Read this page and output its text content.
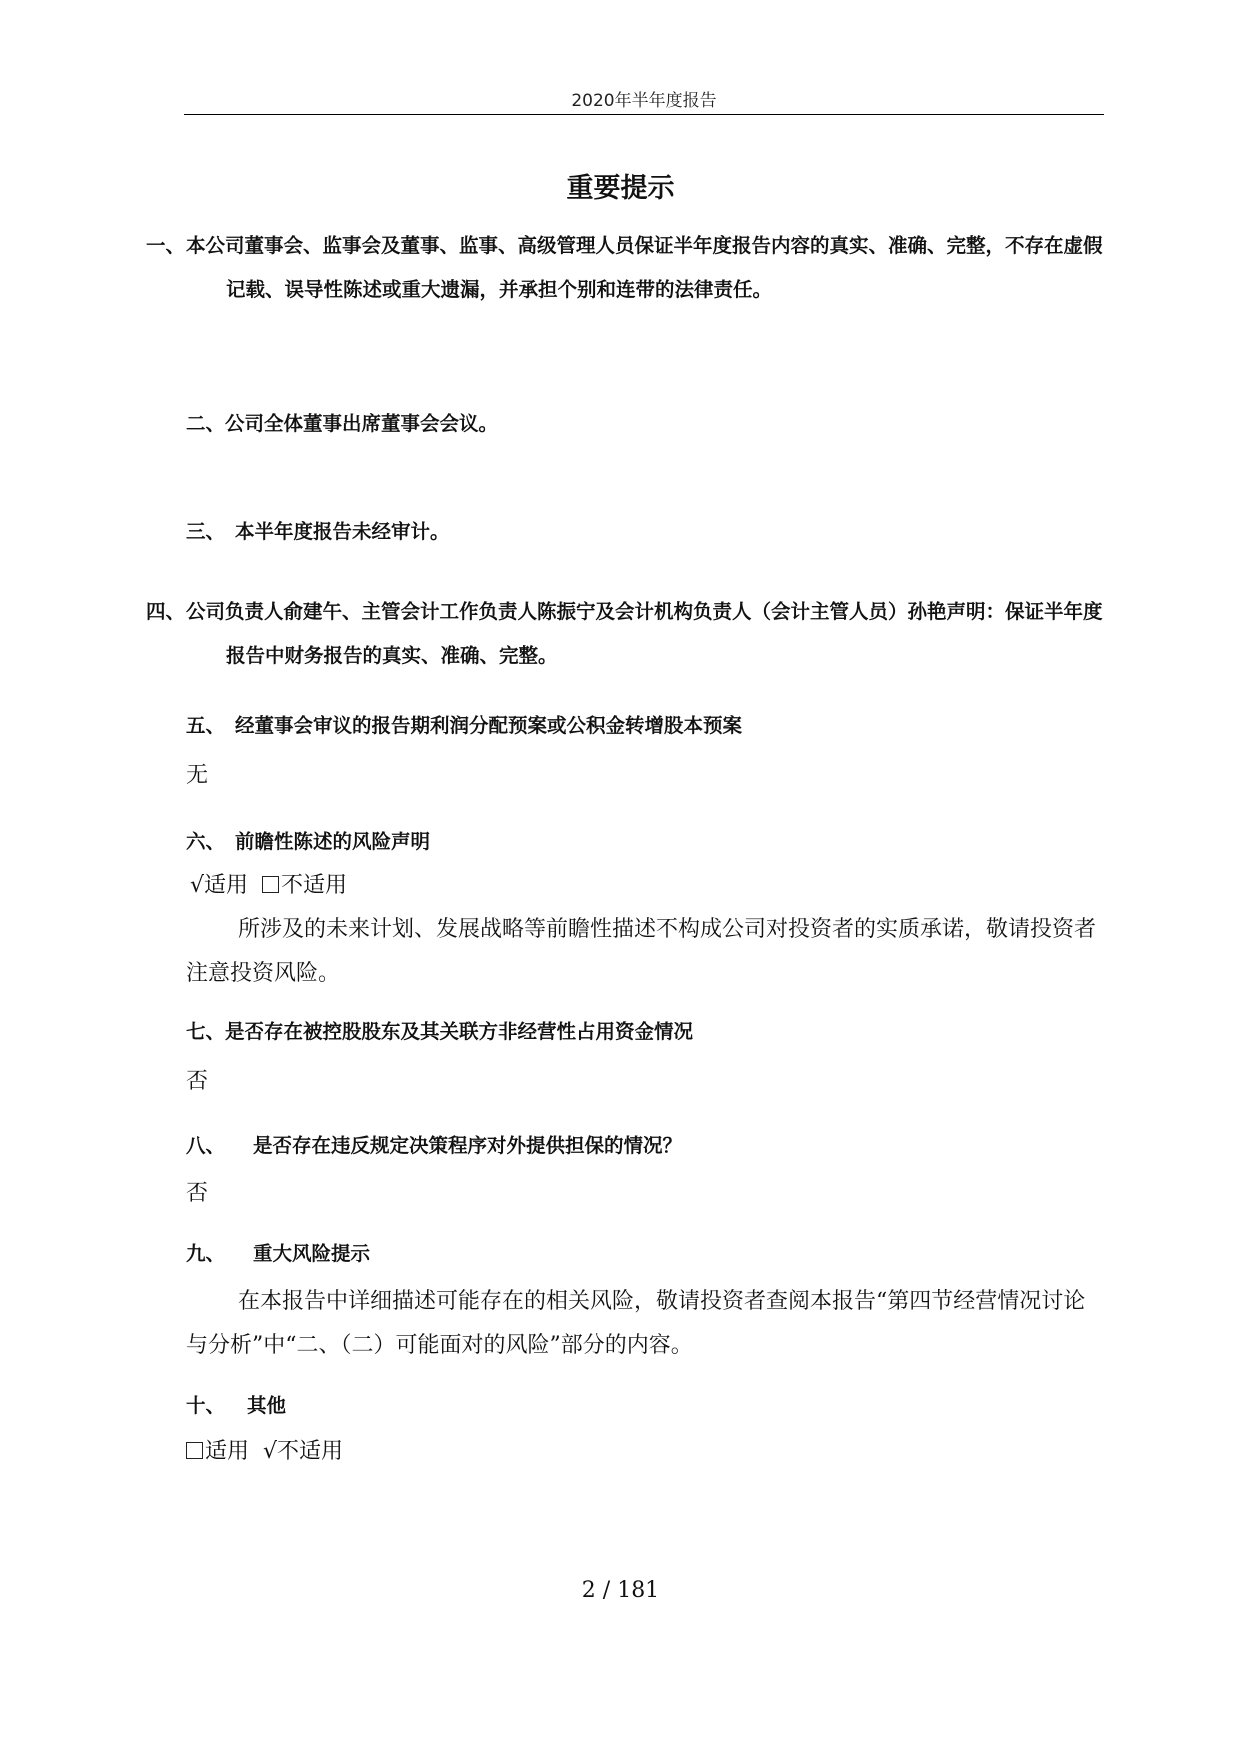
2020年半年度报告
重要提示
一、本公司董事会、监事会及董事、监事、高级管理人员保证半年度报告内容的真实、准确、完整，不存在虚假记载、误导性陈述或重大遗漏，并承担个别和连带的法律责任。
二、公司全体董事出席董事会会议。
三、 本半年度报告未经审计。
四、公司负责人俞建午、主管会计工作负责人陈振宁及会计机构负责人（会计主管人员）孙艳声明：保证半年度报告中财务报告的真实、准确、完整。
五、 经董事会审议的报告期利润分配预案或公积金转增股本预案
无
六、 前瞻性陈述的风险声明
√适用 不适用
所涉及的未来计划、发展战略等前瞻性描述不构成公司对投资者的实质承诺，敬请投资者注意投资风险。
七、是否存在被控股股东及其关联方非经营性占用资金情况
否
八、 是否存在违反规定决策程序对外提供担保的情况？
否
九、 重大风险提示
在本报告中详细描述可能存在的相关风险，敬请投资者查阅本报告“第四节经营情况讨论与分析”中“二、（二）可能面对的风险”部分的内容。
十、 其他
适用 √不适用
2 / 181
